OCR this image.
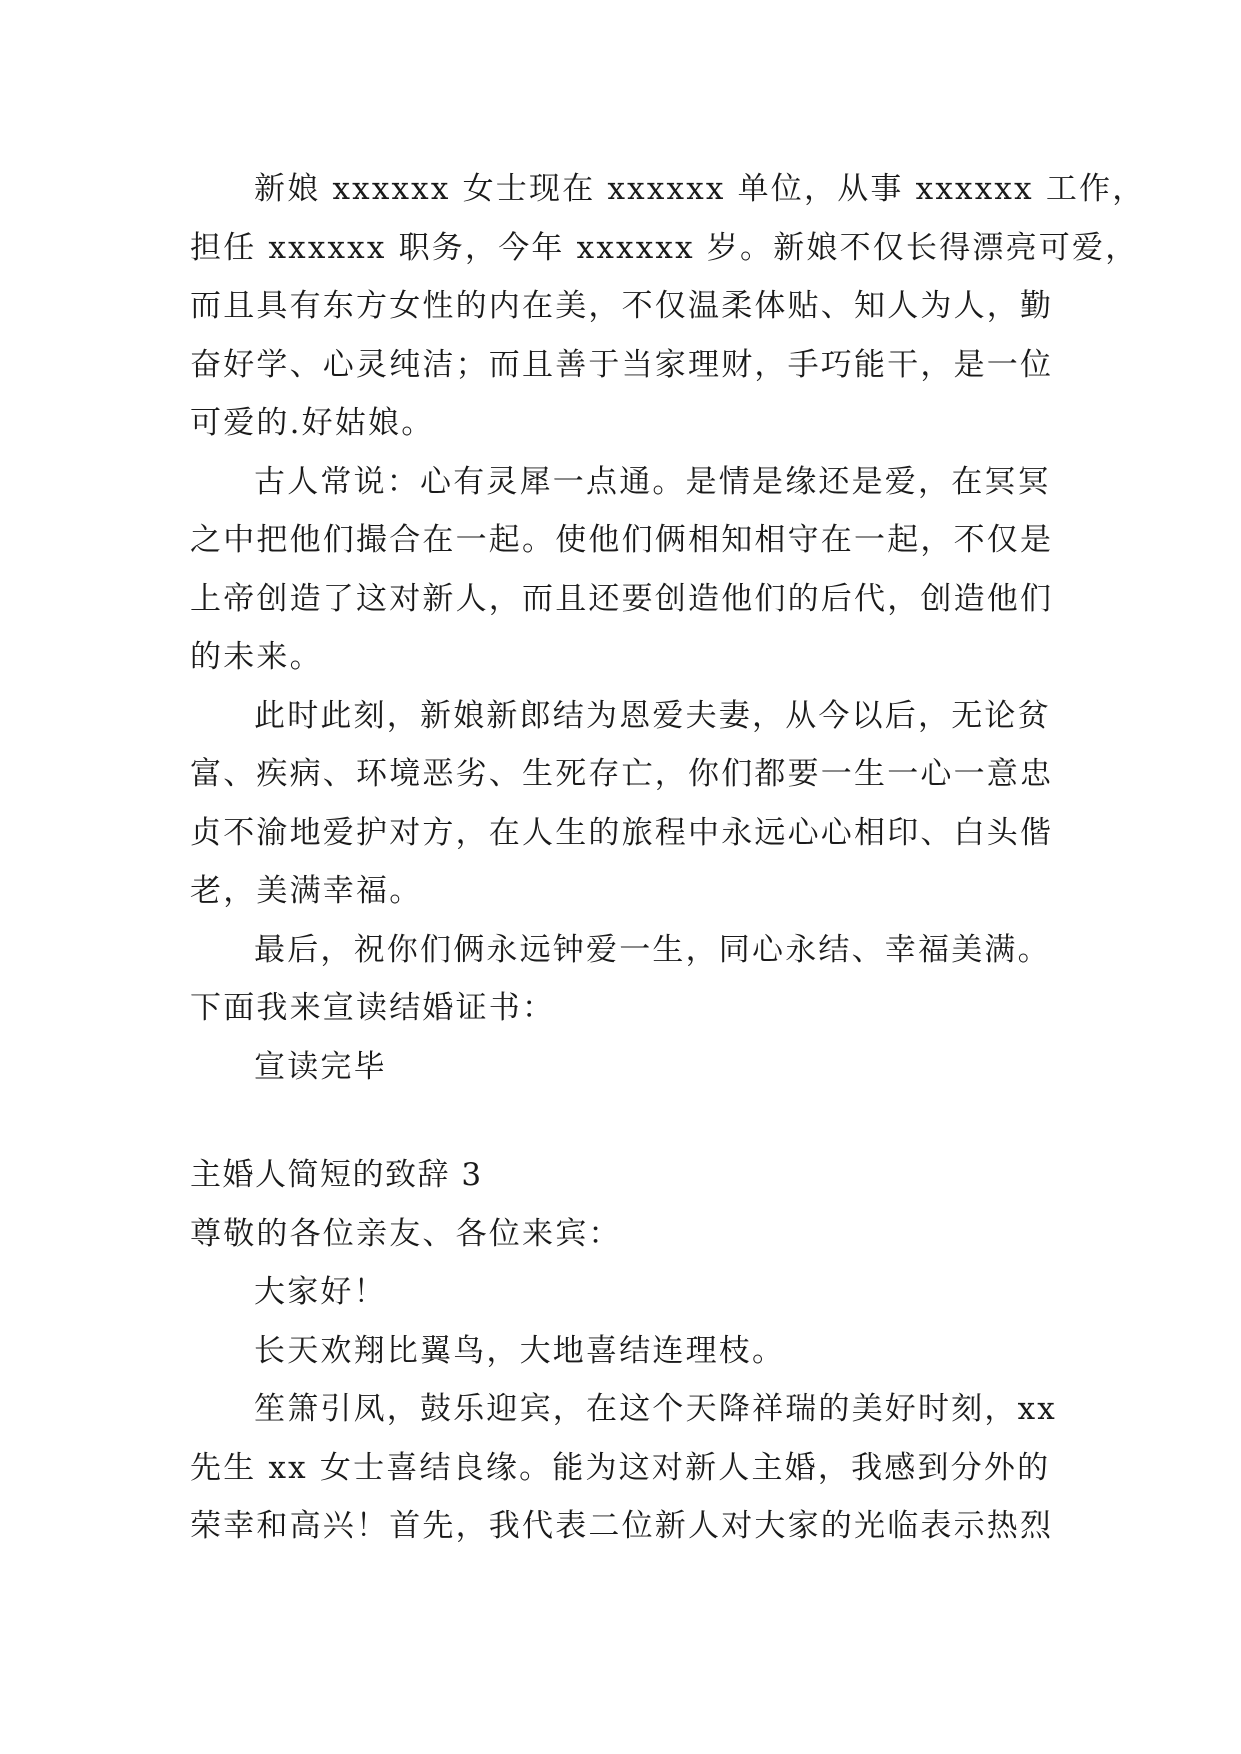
新娘 xxxxxx 女士现在 xxxxxx 单位，从事 xxxxxx 工作，
担任 xxxxxx 职务，今年 xxxxxx 岁。新娘不仅长得漂亮可爱，
而且具有东方女性的内在美，不仅温柔体贴、知人为人，勤
奋好学、心灵纯洁；而且善于当家理财，手巧能干，是一位
可爱的.好姑娘。
古人常说：心有灵犀一点通。是情是缘还是爱，在冥冥
之中把他们撮合在一起。使他们俩相知相守在一起，不仅是
上帝创造了这对新人，而且还要创造他们的后代，创造他们
的未来。
此时此刻，新娘新郎结为恩爱夫妻，从今以后，无论贫
富、疾病、环境恶劣、生死存亡，你们都要一生一心一意忠
贞不渝地爱护对方，在人生的旅程中永远心心相印、白头偕
老，美满幸福。
最后，祝你们俩永远钟爱一生，同心永结、幸福美满。
下面我来宣读结婚证书：
宣读完毕
主婚人简短的致辞 3
尊敬的各位亲友、各位来宾：
大家好！
长天欢翔比翼鸟，大地喜结连理枝。
笙箫引凤，鼓乐迎宾，在这个天降祥瑞的美好时刻，xx
先生 xx 女士喜结良缘。能为这对新人主婚，我感到分外的
荣幸和高兴！首先，我代表二位新人对大家的光临表示热烈
